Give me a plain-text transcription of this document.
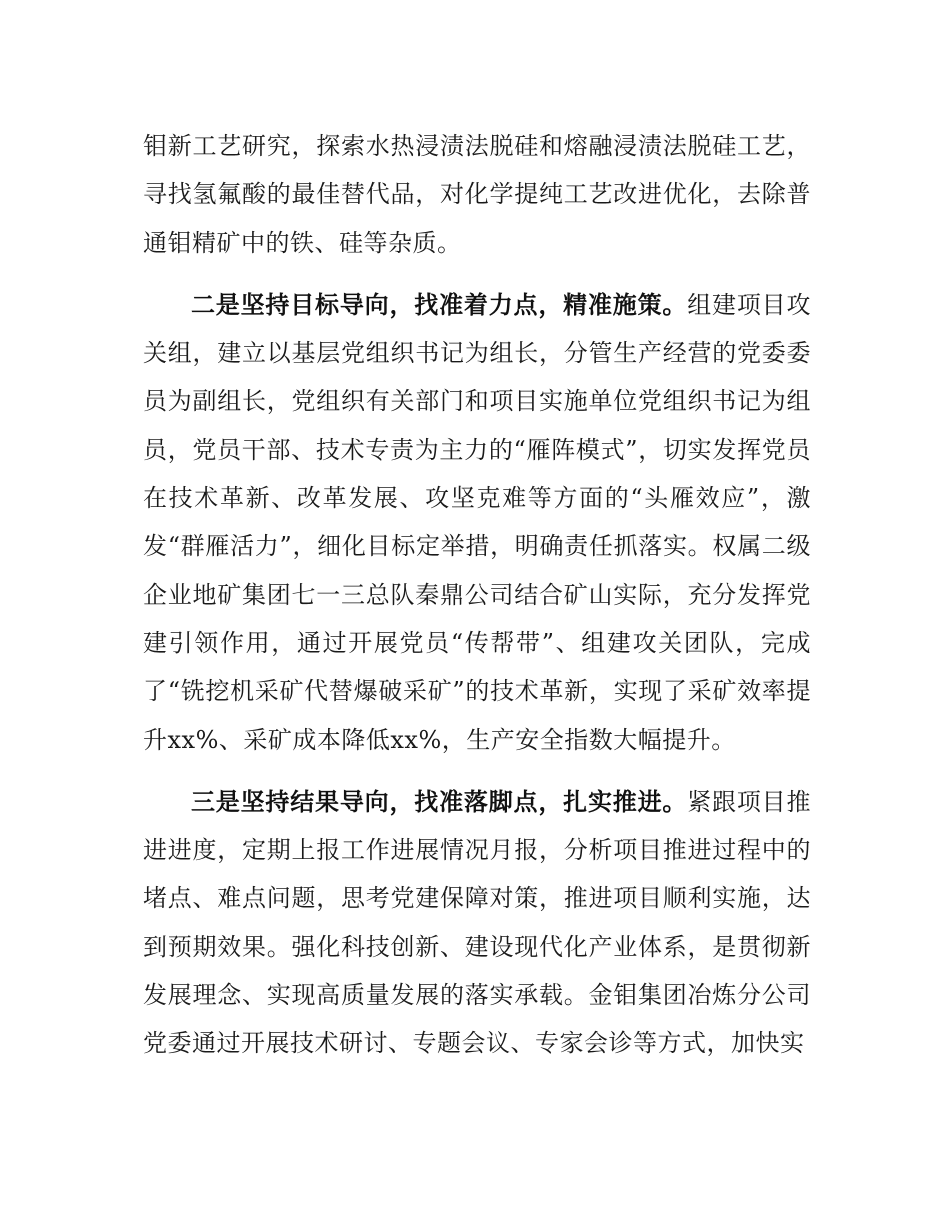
钼新工艺研究，探索水热浸渍法脱硅和熔融浸渍法脱硅工艺，寻找氢氟酸的最佳替代品，对化学提纯工艺改进优化，去除普通钼精矿中的铁、硅等杂质。

二是坚持目标导向，找准着力点，精准施策。组建项目攻关组，建立以基层党组织书记为组长，分管生产经营的党委委员为副组长，党组织有关部门和项目实施单位党组织书记为组员，党员干部、技术专责为主力的“雁阵模式”，切实发挥党员在技术革新、改革发展、攻坚克难等方面的“头雁效应”，激发“群雁活力”，细化目标定举措，明确责任抓落实。权属二级企业地矿集团七一三总队秦鼎公司结合矿山实际，充分发挥党建引领作用，通过开展党员“传帮带”、组建攻关团队，完成了“铣挖机采矿代替爆破采矿”的技术革新，实现了采矿效率提升xx%、采矿成本降低xx%，生产安全指数大幅提升。

三是坚持结果导向，找准落脚点，扎实推进。紧跟项目推进进度，定期上报工作进展情况月报，分析项目推进过程中的堵点、难点问题，思考党建保障对策，推进项目顺利实施，达到预期效果。强化科技创新、建设现代化产业体系，是贯彻新发展理念、实现高质量发展的落实承载。金钼集团冶炼分公司党委通过开展技术研讨、专题会议、专家会诊等方式，加快实
